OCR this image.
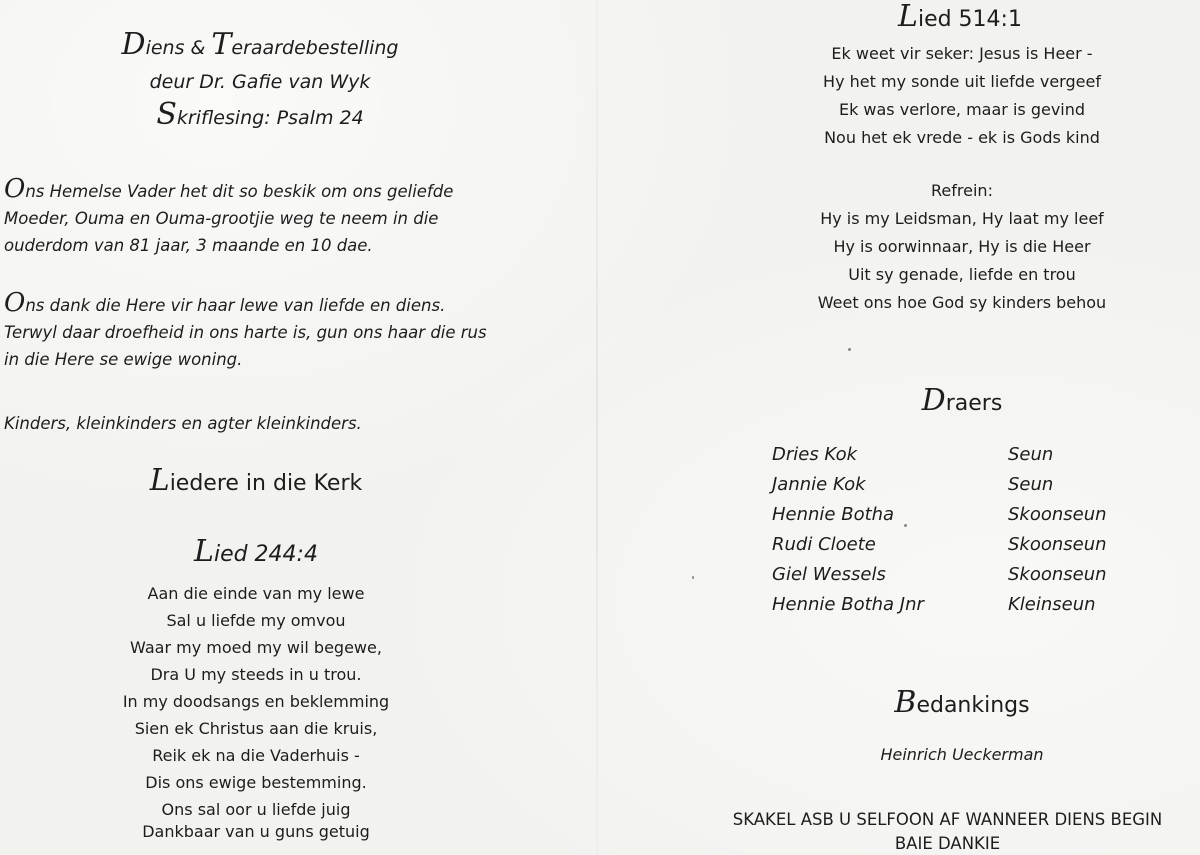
Diens & Teraardebestelling
deur Dr. Gafie van Wyk
Skriflesing: Psalm 24
Ons Hemelse Vader het dit so beskik om ons geliefde
Moeder, Ouma en Ouma-grootjie weg te neem in die
ouderdom van 81 jaar, 3 maande en 10 dae.
Ons dank die Here vir haar lewe van liefde en diens.
Terwyl daar droefheid in ons harte is, gun ons haar die rus
in die Here se ewige woning.
Kinders, kleinkinders en agter kleinkinders.
Liedere in die Kerk
Lied 244:4
Aan die einde van my lewe
Sal u liefde my omvou
Waar my moed my wil begewe,
Dra U my steeds in u trou.
In my doodsangs en beklemming
Sien ek Christus aan die kruis,
Reik ek na die Vaderhuis -
Dis ons ewige bestemming.
Ons sal oor u liefde juig
Dankbaar van u guns getuig
Lied 514:1
Ek weet vir seker: Jesus is Heer -
Hy het my sonde uit liefde vergeef
Ek was verlore, maar is gevind
Nou het ek vrede - ek is Gods kind
Refrein:
Hy is my Leidsman, Hy laat my leef
Hy is oorwinnaar, Hy is die Heer
Uit sy genade, liefde en trou
Weet ons hoe God sy kinders behou
Draers
Dries Kok	Seun
Jannie Kok	Seun
Hennie Botha	Skoonseun
Rudi Cloete	Skoonseun
Giel Wessels	Skoonseun
Hennie Botha Jnr	Kleinseun
Bedankings
Heinrich Ueckerman
SKAKEL ASB U SELFOON AF WANNEER DIENS BEGIN
BAIE DANKIE
